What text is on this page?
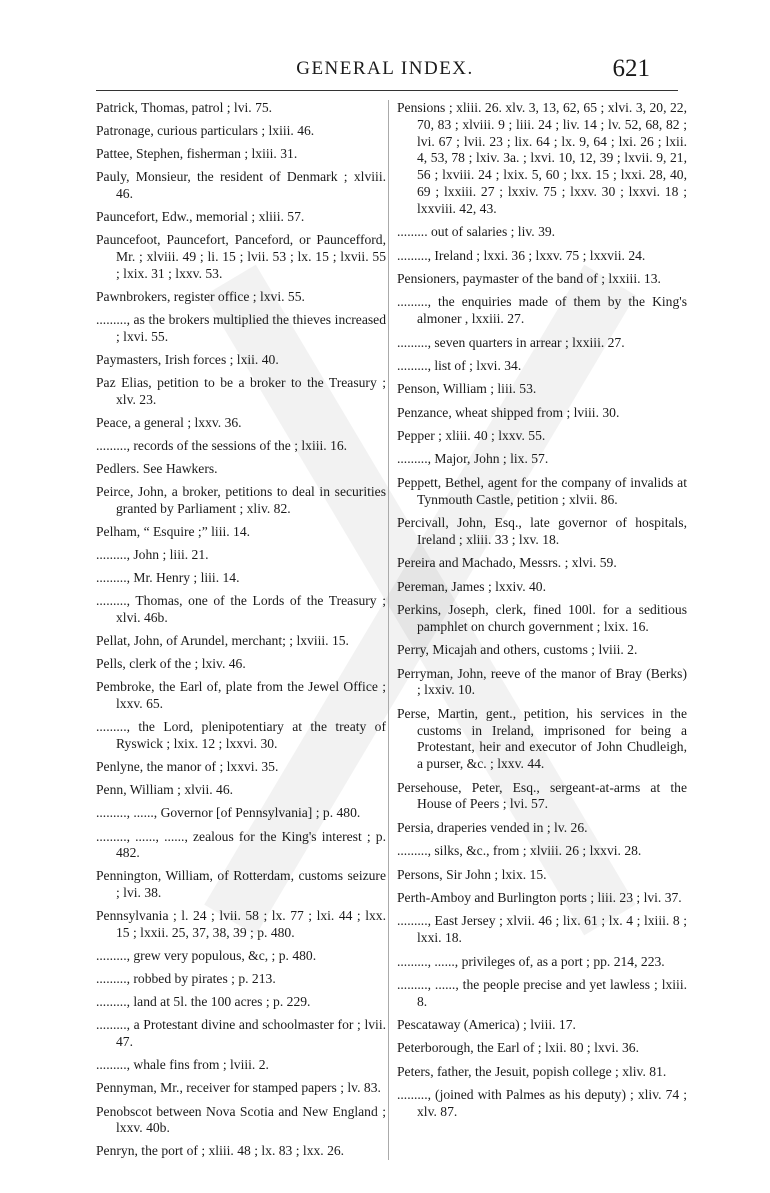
GENERAL INDEX.	621
Patrick, Thomas, patrol ; lvi. 75.
Patronage, curious particulars ; lxiii. 46.
Pattee, Stephen, fisherman ; lxiii. 31.
Pauly, Monsieur, the resident of Denmark ; xlviii. 46.
Pauncefort, Edw., memorial ; xliii. 57.
Pauncefoot, Pauncefort, Panceford, or Pauncefford, Mr. ; xlviii. 49 ; li. 15 ; lvii. 53 ; lx. 15 ; lxvii. 55 ; lxix. 31 ; lxxv. 53.
Pawnbrokers, register office ; lxvi. 55.
........., as the brokers multiplied the thieves increased ; lxvi. 55.
Paymasters, Irish forces ; lxii. 40.
Paz Elias, petition to be a broker to the Treasury ; xlv. 23.
Peace, a general ; lxxv. 36.
........., records of the sessions of the ; lxiii. 16.
Pedlers. See Hawkers.
Peirce, John, a broker, petitions to deal in securities granted by Parliament ; xliv. 82.
Pelham, “ Esquire ;” liii. 14.
........., John ; liii. 21.
........., Mr. Henry ; liii. 14.
........., Thomas, one of the Lords of the Treasury ; xlvi. 46b.
Pellat, John, of Arundel, merchant; ; lxviii. 15.
Pells, clerk of the ; lxiv. 46.
Pembroke, the Earl of, plate from the Jewel Office ; lxxv. 65.
........., the Lord, plenipotentiary at the treaty of Ryswick ; lxix. 12 ; lxxvi. 30.
Penlyne, the manor of ; lxxvi. 35.
Penn, William ; xlvii. 46.
........., ......, Governor [of Pennsylvania] ; p. 480.
........., ......, ......, zealous for the King's interest ; p. 482.
Pennington, William, of Rotterdam, customs seizure ; lvi. 38.
Pennsylvania ; l. 24 ; lvii. 58 ; lx. 77 ; lxi. 44 ; lxx. 15 ; lxxii. 25, 37, 38, 39 ; p. 480.
........., grew very populous, &c, ; p. 480.
........., robbed by pirates ; p. 213.
........., land at 5l. the 100 acres ; p. 229.
........., a Protestant divine and schoolmaster for ; lvii. 47.
........., whale fins from ; lviii. 2.
Pennyman, Mr., receiver for stamped papers ; lv. 83.
Penobscot between Nova Scotia and New England ; lxxv. 40b.
Penryn, the port of ; xliii. 48 ; lx. 83 ; lxx. 26.
Pensions ; xliii. 26. xlv. 3, 13, 62, 65 ; xlvi. 3, 20, 22, 70, 83 ; xlviii. 9 ; liii. 24 ; liv. 14 ; lv. 52, 68, 82 ; lvi. 67 ; lvii. 23 ; lix. 64 ; lx. 9, 64 ; lxi. 26 ; lxii. 4, 53, 78 ; lxiv. 3a. ; lxvi. 10, 12, 39 ; lxvii. 9, 21, 56 ; lxviii. 24 ; lxix. 5, 60 ; lxx. 15 ; lxxi. 28, 40, 69 ; lxxiii. 27 ; lxxiv. 75 ; lxxv. 30 ; lxxvi. 18 ; lxxviii. 42, 43.
......... out of salaries ; liv. 39.
........., Ireland ; lxxi. 36 ; lxxv. 75 ; lxxvii. 24.
Pensioners, paymaster of the band of ; lxxiii. 13.
........., the enquiries made of them by the King's almoner , lxxiii. 27.
........., seven quarters in arrear ; lxxiii. 27.
........., list of ; lxvi. 34.
Penson, William ; liii. 53.
Penzance, wheat shipped from ; lviii. 30.
Pepper ; xliii. 40 ; lxxv. 55.
........., Major, John ; lix. 57.
Peppett, Bethel, agent for the company of invalids at Tynmouth Castle, petition ; xlvii. 86.
Percivall, John, Esq., late governor of hospitals, Ireland ; xliii. 33 ; lxv. 18.
Pereira and Machado, Messrs. ; xlvi. 59.
Pereman, James ; lxxiv. 40.
Perkins, Joseph, clerk, fined 100l. for a seditious pamphlet on church government ; lxix. 16.
Perry, Micajah and others, customs ; lviii. 2.
Perryman, John, reeve of the manor of Bray (Berks) ; lxxiv. 10.
Perse, Martin, gent., petition, his services in the customs in Ireland, imprisoned for being a Protestant, heir and executor of John Chudleigh, a purser, &c. ; lxxv. 44.
Persehouse, Peter, Esq., sergeant-at-arms at the House of Peers ; lvi. 57.
Persia, draperies vended in ; lv. 26.
........., silks, &c., from ; xlviii. 26 ; lxxvi. 28.
Persons, Sir John ; lxix. 15.
Perth-Amboy and Burlington ports ; liii. 23 ; lvi. 37.
........., East Jersey ; xlvii. 46 ; lix. 61 ; lx. 4 ; lxiii. 8 ; lxxi. 18.
........., ......, privileges of, as a port ; pp. 214, 223.
........., ......, the people precise and yet lawless ; lxiii. 8.
Pescataway (America) ; lviii. 17.
Peterborough, the Earl of ; lxii. 80 ; lxvi. 36.
Peters, father, the Jesuit, popish college ; xliv. 81.
........., (joined with Palmes as his deputy) ; xliv. 74 ; xlv. 87.
